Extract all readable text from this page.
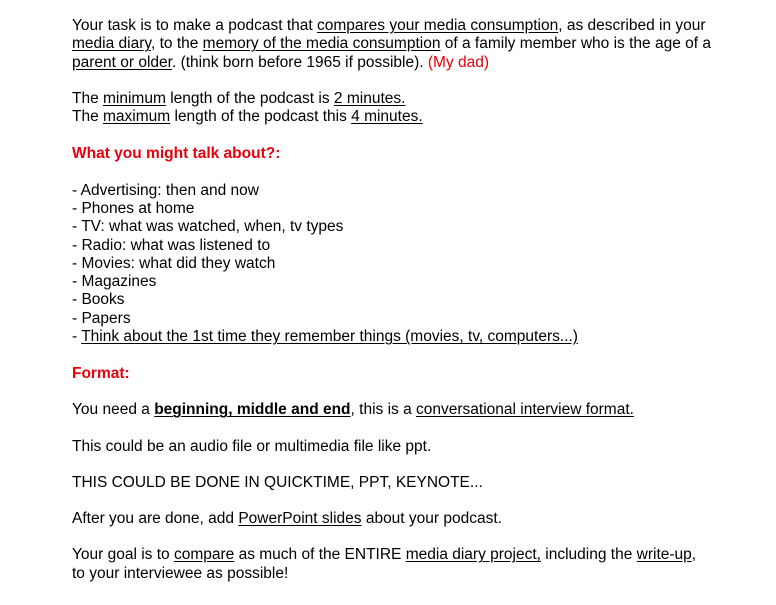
Your task is to make a podcast that compares your media consumption, as described in your media diary, to the memory of the media consumption of a family member who is the age of a parent or older. (think born before 1965 if possible). (My dad)

The minimum length of the podcast is 2 minutes.

The maximum length of the podcast this 4 minutes.

What you might talk about?:

- Advertising: then and now

- Phones at home

- TV: what was watched, when, tv types

- Radio: what was listened to

- Movies: what did they watch

- Magazines

- Books

- Papers

- Think about the 1st time they remember things (movies, tv, computers...)

Format:

You need a beginning, middle and end, this is a conversational interview format.

This could be an audio file or multimedia file like ppt.

THIS COULD BE DONE IN QUICKTIME, PPT, KEYNOTE...

After you are done, add PowerPoint slides about your podcast.

Your goal is to compare as much of the ENTIRE media diary project, including the write-up, to your interviewee as possible!
